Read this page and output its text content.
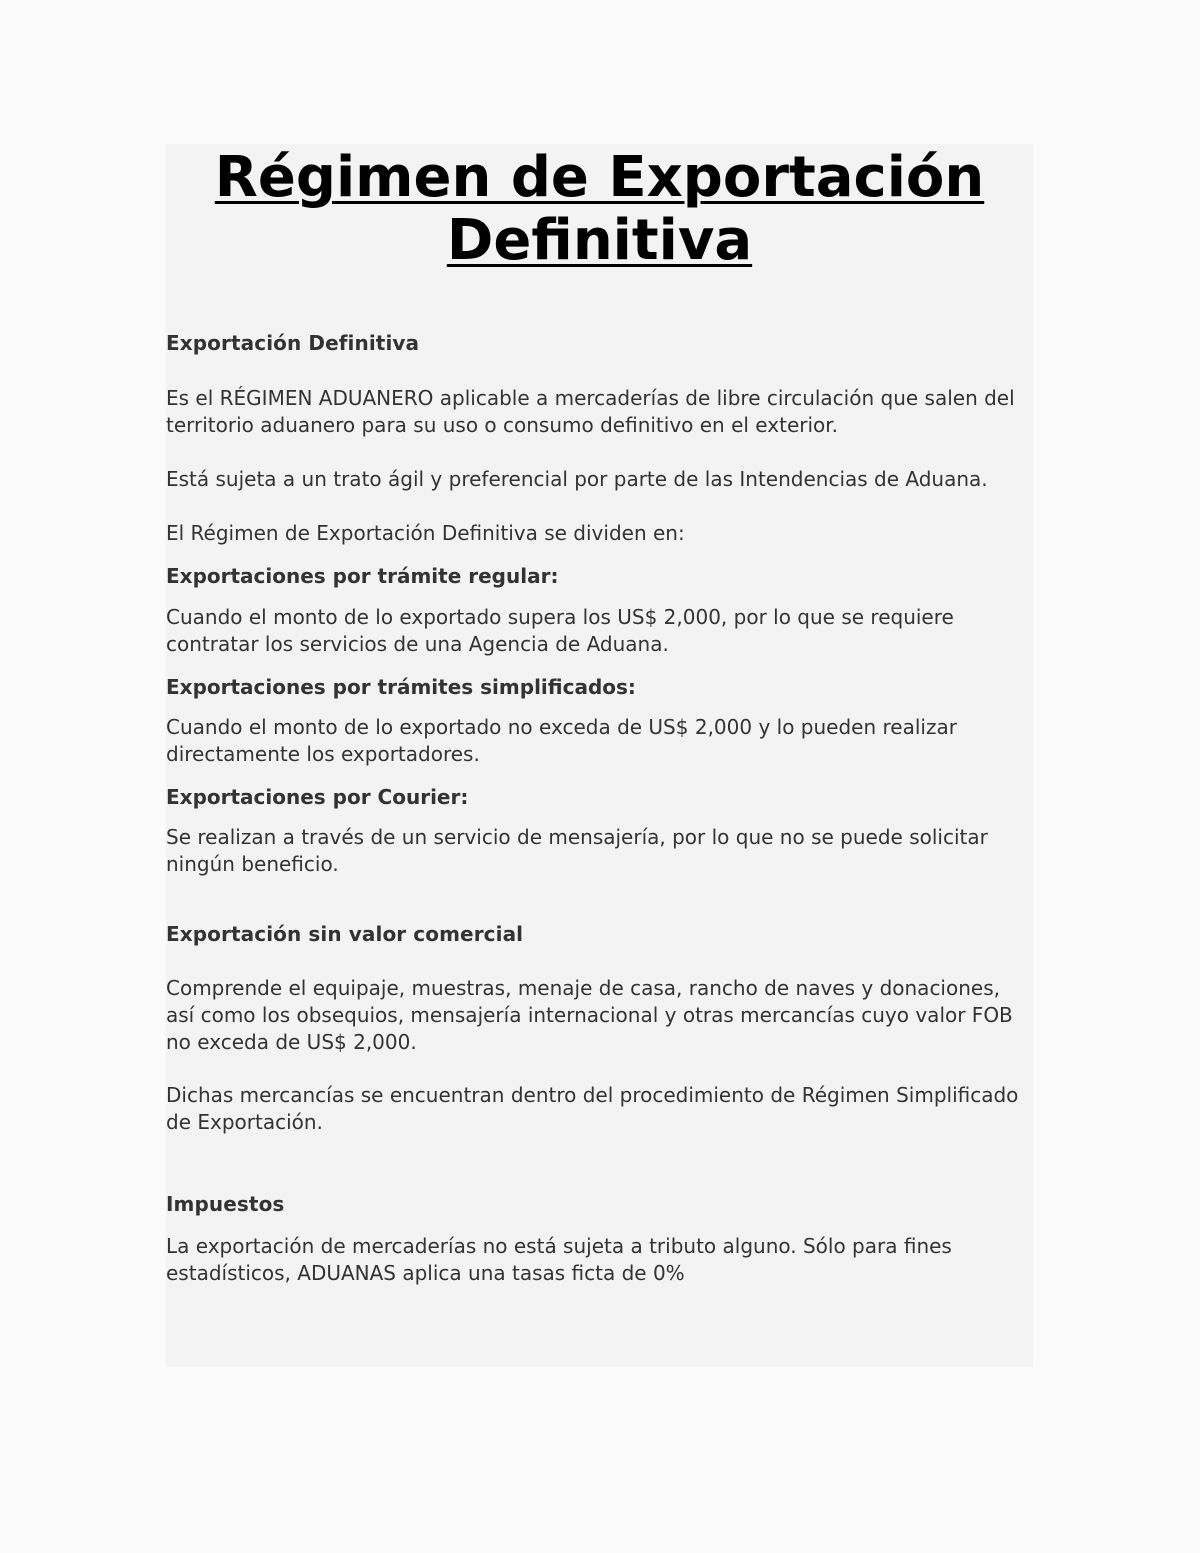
Régimen de Exportación Definitiva
Exportación Definitiva

Es el RÉGIMEN ADUANERO aplicable a mercaderías de libre circulación que salen del territorio aduanero para su uso o consumo definitivo en el exterior.

Está sujeta a un trato ágil y preferencial por parte de las Intendencias de Aduana.

El Régimen de Exportación Definitiva se dividen en:

Exportaciones por trámite regular:

Cuando el monto de lo exportado supera los US$ 2,000, por lo que se requiere contratar los servicios de una Agencia de Aduana.

Exportaciones por trámites simplificados:

Cuando el monto de lo exportado no exceda de US$ 2,000 y lo pueden realizar directamente los exportadores.

Exportaciones por Courier:

Se realizan a través de un servicio de mensajería, por lo que no se puede solicitar ningún beneficio.

Exportación sin valor comercial

Comprende el equipaje, muestras, menaje de casa, rancho de naves y donaciones, así como los obsequios, mensajería internacional y otras mercancías cuyo valor FOB no exceda de US$ 2,000.

Dichas mercancías se encuentran dentro del procedimiento de Régimen Simplificado de Exportación.

Impuestos

La exportación de mercaderías no está sujeta a tributo alguno. Sólo para fines estadísticos, ADUANAS aplica una tasas ficta de 0%
